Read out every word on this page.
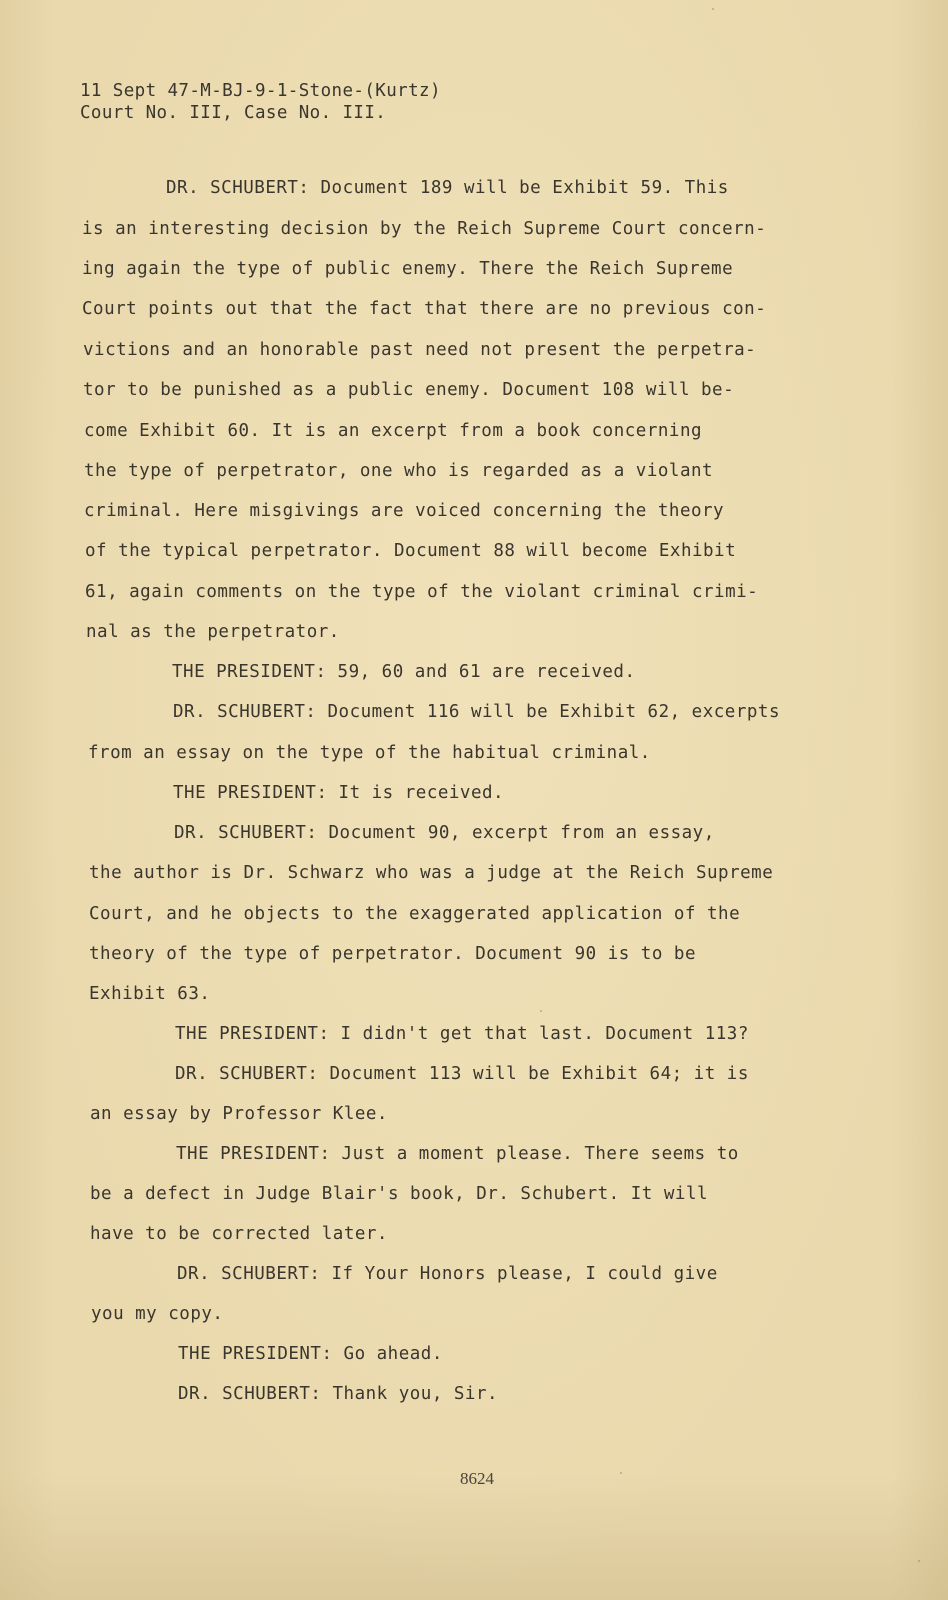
11 Sept 47-M-BJ-9-1-Stone-(Kurtz)
Court No. III, Case No. III.
DR. SCHUBERT: Document 189 will be Exhibit 59. This
is an interesting decision by the Reich Supreme Court concern-
ing again the type of public enemy. There the Reich Supreme
Court points out that the fact that there are no previous con-
victions and an honorable past need not present the perpetra-
tor to be punished as a public enemy. Document 108 will be-
come Exhibit 60. It is an excerpt from a book concerning
the type of perpetrator, one who is regarded as a violant
criminal. Here misgivings are voiced concerning the theory
of the typical perpetrator. Document 88 will become Exhibit
61, again comments on the type of the violant criminal crimi-
nal as the perpetrator.
THE PRESIDENT: 59, 60 and 61 are received.
DR. SCHUBERT: Document 116 will be Exhibit 62, excerpts
from an essay on the type of the habitual criminal.
THE PRESIDENT: It is received.
DR. SCHUBERT: Document 90, excerpt from an essay,
the author is Dr. Schwarz who was a judge at the Reich Supreme
Court, and he objects to the exaggerated application of the
theory of the type of perpetrator. Document 90 is to be
Exhibit 63.
THE PRESIDENT: I didn't get that last. Document 113?
DR. SCHUBERT: Document 113 will be Exhibit 64; it is
an essay by Professor Klee.
THE PRESIDENT: Just a moment please. There seems to
be a defect in Judge Blair's book, Dr. Schubert. It will
have to be corrected later.
DR. SCHUBERT: If Your Honors please, I could give
you my copy.
THE PRESIDENT: Go ahead.
DR. SCHUBERT: Thank you, Sir.
8624
